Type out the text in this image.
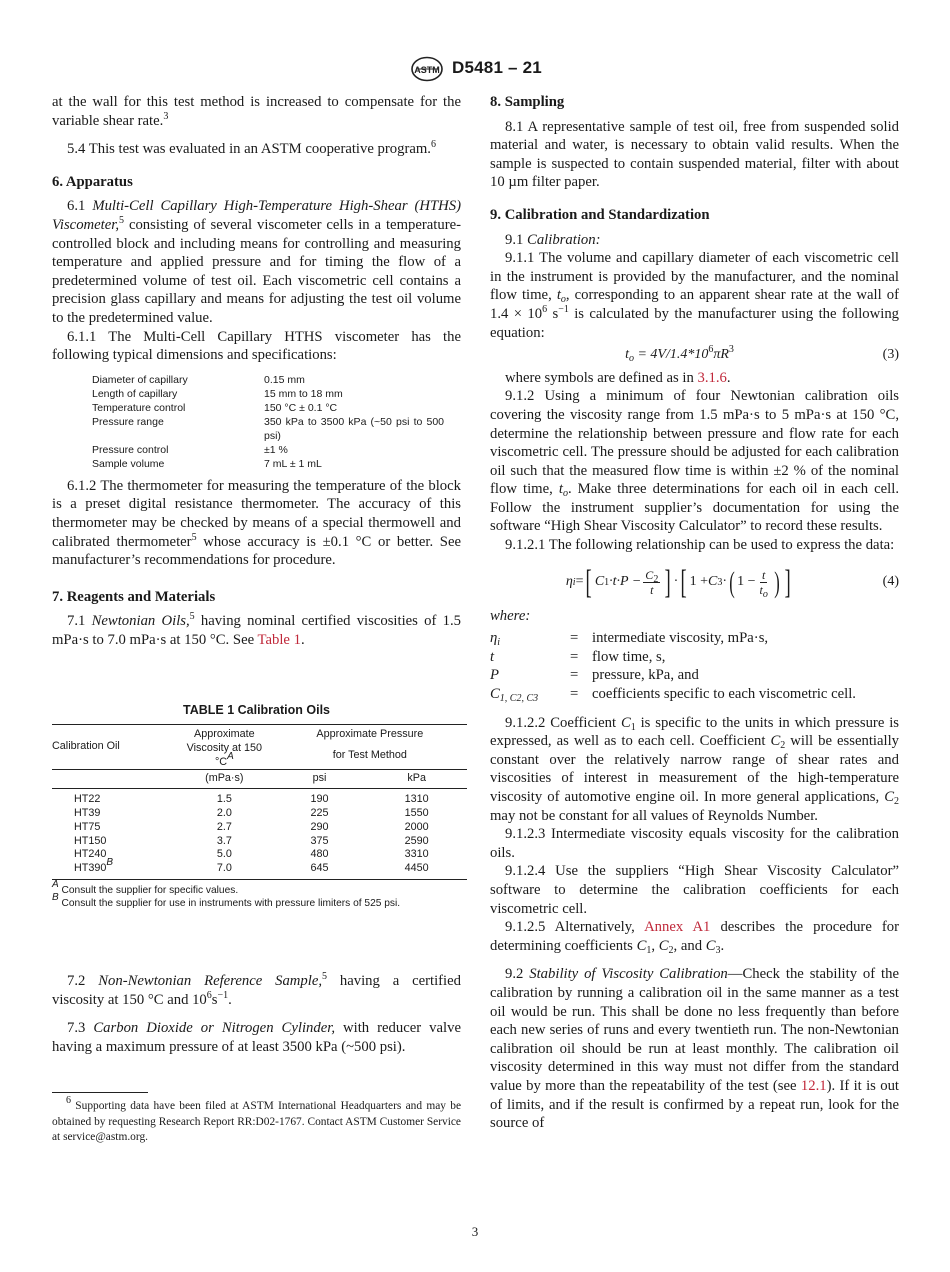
ASTM D5481 – 21

at the wall for this test method is increased to compensate for the variable shear rate.$^3$

5.4 This test was evaluated in an ASTM cooperative program.$^6$

6. Apparatus

6.1 Multi-Cell Capillary High-Temperature High-Shear (HTHS) Viscometer,$^5$ consisting of several viscometer cells in a temperature-controlled block and including means for controlling and measuring temperature and applied pressure and for timing the flow of a predetermined volume of test oil. Each viscometric cell contains a precision glass capillary and means for adjusting the test oil volume to the predetermined value.

6.1.1 The Multi-Cell Capillary HTHS viscometer has the following typical dimensions and specifications:

Diameter of capillary	0.15 mm
Length of capillary	15 mm to 18 mm
Temperature control	150 °C ± 0.1 °C
Pressure range	350 kPa to 3500 kPa (~50 psi to 500 psi)
Pressure control	±1 %
Sample volume	7 mL ± 1 mL

6.1.2 The thermometer for measuring the temperature of the block is a preset digital resistance thermometer. The accuracy of this thermometer may be checked by means of a special thermowell and calibrated thermometer$^5$ whose accuracy is ±0.1 °C or better. See manufacturer’s recommendations for procedure.

7. Reagents and Materials

7.1 Newtonian Oils,$^5$ having nominal certified viscosities of 1.5 mPa·s to 7.0 mPa·s at 150 °C. See Table 1.

TABLE 1 Calibration Oils

Calibration Oil	Approximate	Approximate Pressure	
	Viscosity at 150 $^\circ C^A$	for Test Method	
	(mPa·s)	psi	kPa
HT22	1.5	190	1310
HT39	2.0	225	1550
HT75	2.7	290	2000
HT150	3.7	375	2590
HT240	5.0	480	3310
$HT390^B$	7.0	645	4450
$^A$ Consult the supplier for specific values.
$^B$ Consult the supplier for use in instruments with pressure limiters of 525 psi.

7.2 Non-Newtonian Reference Sample,$^5$ having a certified viscosity at 150 °C and $10^6s^{-1}$.

7.3 Carbon Dioxide or Nitrogen Cylinder, with reducer valve having a maximum pressure of at least 3500 kPa (~500 psi).

$^6$ Supporting data have been filed at ASTM International Headquarters and may be obtained by requesting Research Report RR:D02-1767. Contact ASTM Customer Service at service@astm.org.

8. Sampling

8.1 A representative sample of test oil, free from suspended solid material and water, is necessary to obtain valid results. When the sample is suspected to contain suspended material, filter with about 10 µm filter paper.

9. Calibration and Standardization

9.1 Calibration:

9.1.1 The volume and capillary diameter of each viscometric cell in the instrument is provided by the manufacturer, and the nominal flow time, $t_o$, corresponding to an apparent shear rate at the wall of $1.4 \times 10^6$ $s^{-1}$ is calculated by the manufacturer using the following equation:

$t_o = 4V/1.4*10^6\pi R^3$	(3)

where symbols are defined as in 3.1.6.

9.1.2 Using a minimum of four Newtonian calibration oils covering the viscosity range from 1.5 mPa·s to 5 mPa·s at 150 °C, determine the relationship between pressure and flow rate for each viscometric cell. The pressure should be adjusted for each calibration oil such that the measured flow time is within ±2 % of the nominal flow time, $t_o$. Make three determinations for each oil in each cell. Follow the instrument supplier’s documentation for using the software “High Shear Viscosity Calculator” to record these results.

9.1.2.1 The following relationship can be used to express the data:

η i = [ C $1 \cdot t\cdot P - \frac{C_2}{t}$ ] · [ 1 + C 3 · ( $1 - \frac{t}{t_o}$ ) ]	(4)

where:

$\eta_i$	= intermediate viscosity, mPa·s,
t	= flow time, s,
P	= pressure, kPa, and
$C_{1, C2, C3}$	= coefficients specific to each viscometric cell.

9.1.2.2 Coefficient $C_1$ is specific to the units in which pressure is expressed, as well as to each cell. Coefficient $C_2$ will be essentially constant over the relatively narrow range of shear rates and viscosities of interest in measurement of the high-temperature viscosity of automotive engine oil. In more general applications, $C_2$ may not be constant for all values of Reynolds Number.

9.1.2.3 Intermediate viscosity equals viscosity for the calibration oils.

9.1.2.4 Use the suppliers “High Shear Viscosity Calculator” software to determine the calibration coefficients for each viscometric cell.

9.1.2.5 Alternatively, Annex A1 describes the procedure for determining coefficients $C_1$, $C_2$, and $C_3$.

9.2 Stability of Viscosity Calibration—Check the stability of the calibration by running a calibration oil in the same manner as a test oil would be run. This shall be done no less frequently than before each new series of runs and every twentieth run. The non-Newtonian calibration oil should be run at least monthly. The calibration oil viscosity determined in this way must not differ from the standard value by more than the repeatability of the test (see 12.1). If it is out of limits, and if the result is confirmed by a repeat run, look for the source of

3
